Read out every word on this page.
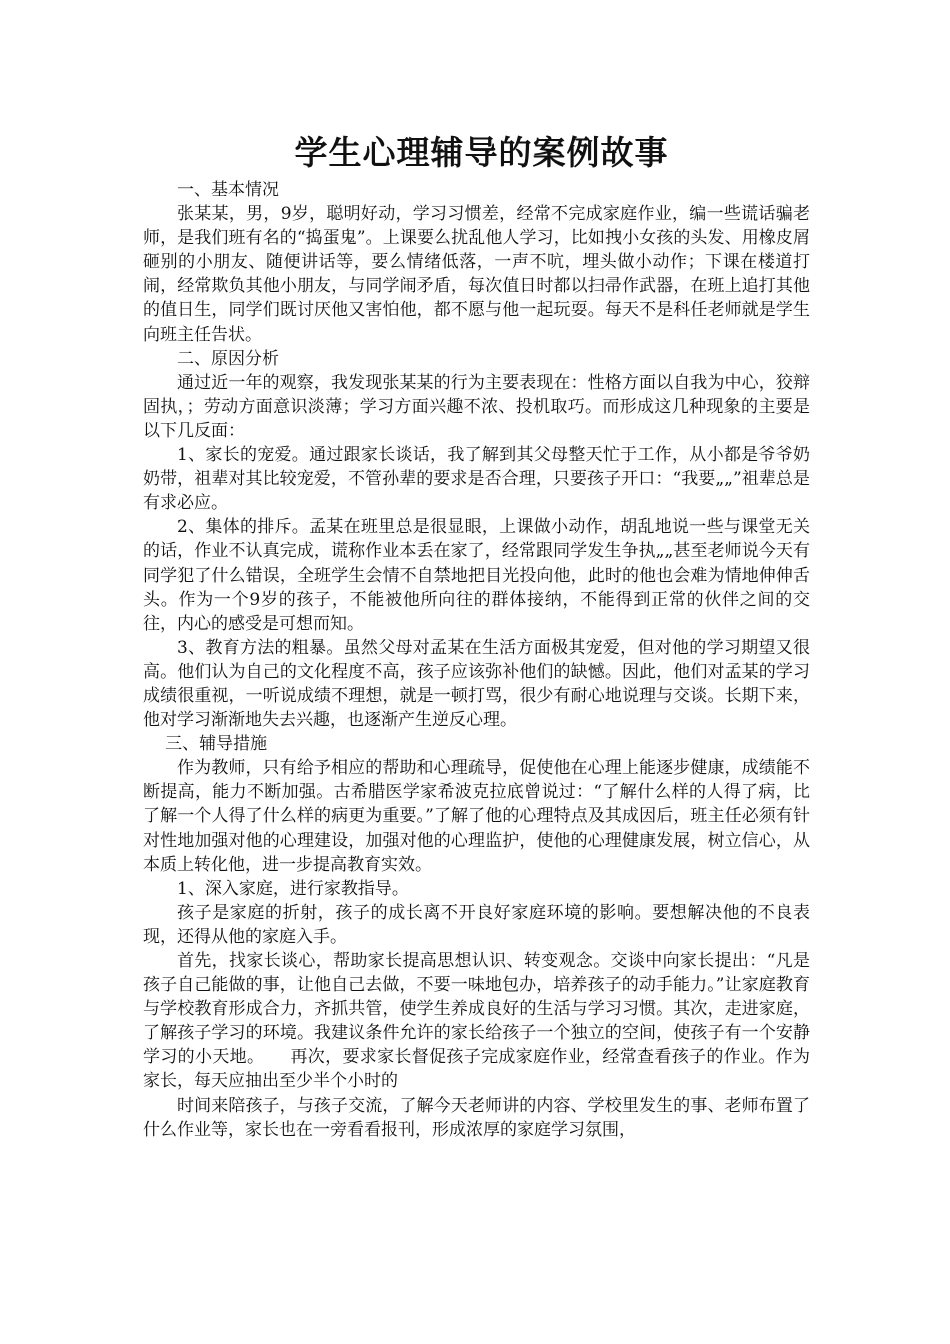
学生心理辅导的案例故事

一、基本情况

张某某，男，9岁，聪明好动，学习习惯差，经常不完成家庭作业，编一些谎话骗老师，是我们班有名的“捣蛋鬼”。上课要么扰乱他人学习，比如拽小女孩的头发、用橡皮屑砸别的小朋友、随便讲话等，要么情绪低落，一声不吭，埋头做小动作；下课在楼道打闹，经常欺负其他小朋友，与同学闹矛盾，每次值日时都以扫帚作武器，在班上追打其他的值日生，同学们既讨厌他又害怕他，都不愿与他一起玩耍。每天不是科任老师就是学生向班主任告状。

二、原因分析

通过近一年的观察，我发现张某某的行为主要表现在：性格方面以自我为中心，狡辩固执，；劳动方面意识淡薄；学习方面兴趣不浓、投机取巧。而形成这几种现象的主要是以下几反面：

1、家长的宠爱。通过跟家长谈话，我了解到其父母整天忙于工作，从小都是爷爷奶奶带，祖辈对其比较宠爱，不管孙辈的要求是否合理，只要孩子开口：“我要„„”祖辈总是有求必应。

2、集体的排斥。孟某在班里总是很显眼，上课做小动作，胡乱地说一些与课堂无关的话，作业不认真完成，谎称作业本丢在家了，经常跟同学发生争执„„甚至老师说今天有同学犯了什么错误，全班学生会情不自禁地把目光投向他，此时的他也会难为情地伸伸舌头。作为一个9岁的孩子，不能被他所向往的群体接纳，不能得到正常的伙伴之间的交往，内心的感受是可想而知。

3、教育方法的粗暴。虽然父母对孟某在生活方面极其宠爱，但对他的学习期望又很高。他们认为自己的文化程度不高，孩子应该弥补他们的缺憾。因此，他们对孟某的学习成绩很重视，一听说成绩不理想，就是一顿打骂，很少有耐心地说理与交谈。长期下来，他对学习渐渐地失去兴趣，也逐渐产生逆反心理。

三、辅导措施

作为教师，只有给予相应的帮助和心理疏导，促使他在心理上能逐步健康，成绩能不断提高，能力不断加强。古希腊医学家希波克拉底曾说过：“了解什么样的人得了病，比了解一个人得了什么样的病更为重要。”了解了他的心理特点及其成因后，班主任必须有针对性地加强对他的心理建设，加强对他的心理监护，使他的心理健康发展，树立信心，从本质上转化他，进一步提高教育实效。

1、深入家庭，进行家教指导。

孩子是家庭的折射，孩子的成长离不开良好家庭环境的影响。要想解决他的不良表现，还得从他的家庭入手。

首先，找家长谈心，帮助家长提高思想认识、转变观念。交谈中向家长提出：“凡是孩子自己能做的事，让他自己去做，不要一味地包办，培养孩子的动手能力。”让家庭教育与学校教育形成合力，齐抓共管，使学生养成良好的生活与学习习惯。其次，走进家庭，了解孩子学习的环境。我建议条件允许的家长给孩子一个独立的空间，使孩子有一个安静学习的小天地。　　再次，要求家长督促孩子完成家庭作业，经常查看孩子的作业。作为家长，每天应抽出至少半个小时的

时间来陪孩子，与孩子交流，了解今天老师讲的内容、学校里发生的事、老师布置了什么作业等，家长也在一旁看看报刊，形成浓厚的家庭学习氛围，
